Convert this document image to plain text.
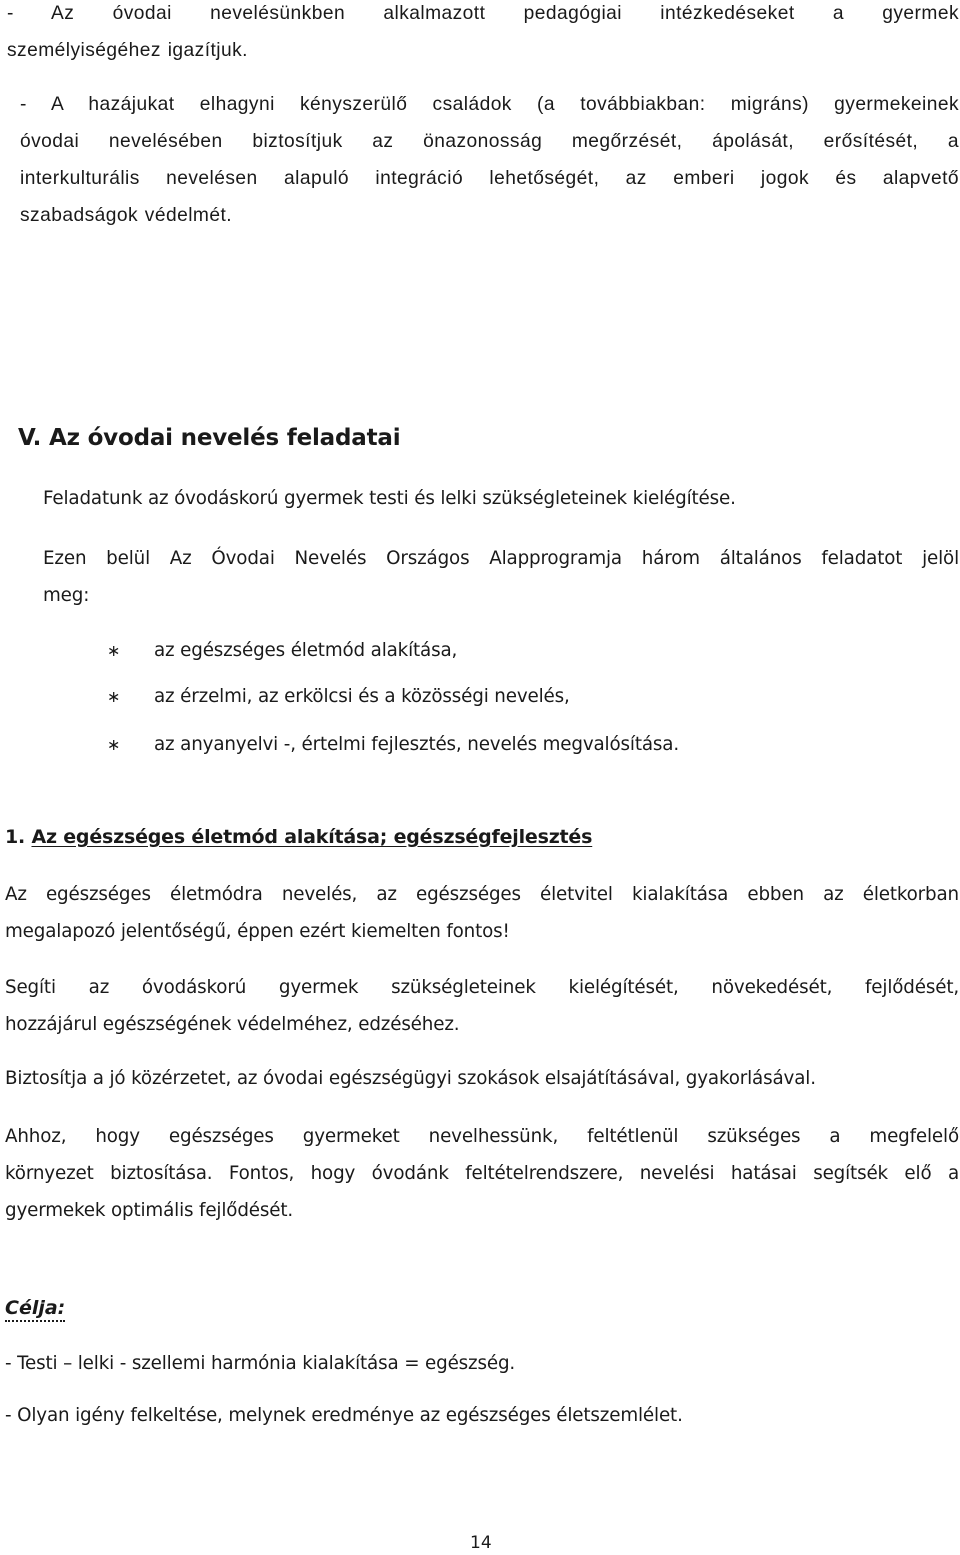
- Az óvodai nevelésünkben alkalmazott pedagógiai intézkedéseket a gyermek
személyiségéhez igazítjuk.
- A hazájukat elhagyni kényszerülő családok (a továbbiakban: migráns) gyermekeinek
óvodai nevelésében biztosítjuk az önazonosság megőrzését, ápolását, erősítését, a
interkulturális nevelésen alapuló integráció lehetőségét, az emberi jogok és alapvető
szabadságok védelmét.
V. Az óvodai nevelés feladatai
Feladatunk az óvodáskorú gyermek testi és lelki szükségleteinek kielégítése.
Ezen belül Az Óvodai Nevelés Országos Alapprogramja három általános feladatot jelöl
meg:
∗ az egészséges életmód alakítása,
∗ az érzelmi, az erkölcsi és a közösségi nevelés,
∗ az anyanyelvi -, értelmi fejlesztés, nevelés megvalósítása.
1. Az egészséges életmód alakítása; egészségfejlesztés
Az egészséges életmódra nevelés, az egészséges életvitel kialakítása ebben az életkorban
megalapozó jelentőségű, éppen ezért kiemelten fontos!
Segíti az óvodáskorú gyermek szükségleteinek kielégítését, növekedését, fejlődését,
hozzájárul egészségének védelméhez, edzéséhez.
Biztosítja a jó közérzetet, az óvodai egészségügyi szokások elsajátításával, gyakorlásával.
Ahhoz, hogy egészséges gyermeket nevelhessünk, feltétlenül szükséges a megfelelő
környezet biztosítása. Fontos, hogy óvodánk feltételrendszere, nevelési hatásai segítsék elő a
gyermekek optimális fejlődését.
Célja:
- Testi – lelki - szellemi harmónia kialakítása = egészség.
- Olyan igény felkeltése, melynek eredménye az egészséges életszemlélet.
14
